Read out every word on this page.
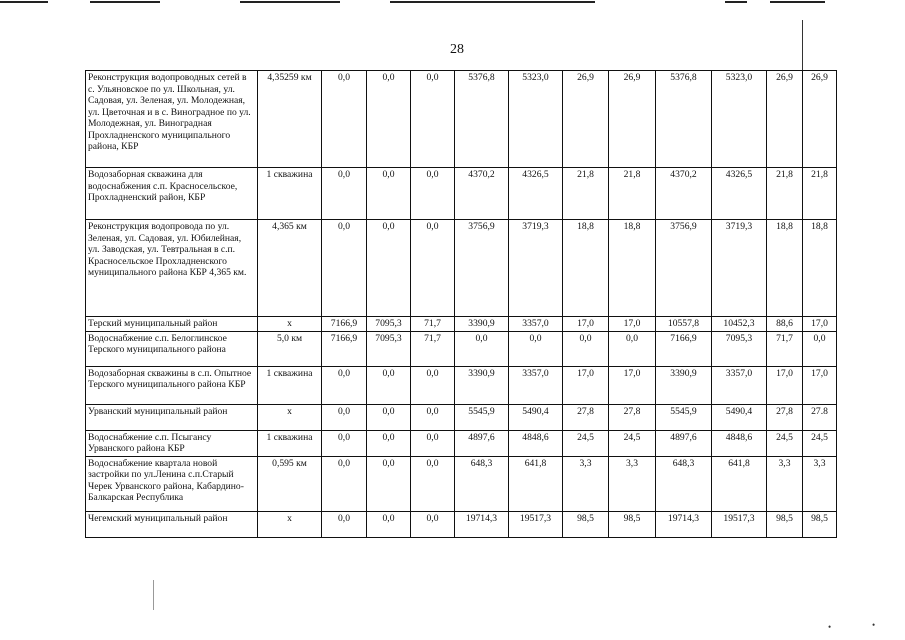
28
Реконструкция водопроводных сетей в с. Ульяновское по ул. Школьная, ул. Садовая, ул. Зеленая, ул. Молодежная, ул. Цветочная и в с. Виноградное по ул. Молодежная, ул. Виноградная Прохладненского муниципального района, КБР	4,35259 км	0,0	0,0	0,0	5376,8	5323,0	26,9	26,9	5376,8	5323,0	26,9	26,9
Водозаборная скважина для водоснабжения с.п. Красносельское, Прохладненский район, КБР	1 скважина	0,0	0,0	0,0	4370,2	4326,5	21,8	21,8	4370,2	4326,5	21,8	21,8
Реконструкция водопровода по ул. Зеленая, ул. Садовая, ул. Юбилейная, ул. Заводская, ул. Тевтральная в с.п. Красносельское Прохладненского муниципального района КБР 4,365 км.	4,365 км	0,0	0,0	0,0	3756,9	3719,3	18,8	18,8	3756,9	3719,3	18,8	18,8
Терский муниципальный район	х	7166,9	7095,3	71,7	3390,9	3357,0	17,0	17,0	10557,8	10452,3	88,6	17,0
Водоснабжение с.п. Белоглинское Терского муниципального района	5,0 км	7166,9	7095,3	71,7	0,0	0,0	0,0	0,0	7166,9	7095,3	71,7	0,0
Водозаборная скважины в с.п. Опытное Терского муниципального района КБР	1 скважина	0,0	0,0	0,0	3390,9	3357,0	17,0	17,0	3390,9	3357,0	17,0	17,0
Урванский муниципальный район	х	0,0	0,0	0,0	5545,9	5490,4	27,8	27,8	5545,9	5490,4	27,8	27.8
Водоснабжение с.п. Псыгансу Урванского района КБР	1 скважина	0,0	0,0	0,0	4897,6	4848,6	24,5	24,5	4897,6	4848,6	24,5	24,5
Водоснабжение квартала новой застройки по ул.Ленина с.п.Старый Черек Урванского района, Кабардино-Балкарская Республика	0,595 км	0,0	0,0	0,0	648,3	641,8	3,3	3,3	648,3	641,8	3,3	3,3
Чегемский муниципальный район	х	0,0	0,0	0,0	19714,3	19517,3	98,5	98,5	19714,3	19517,3	98,5	98,5
•	•
